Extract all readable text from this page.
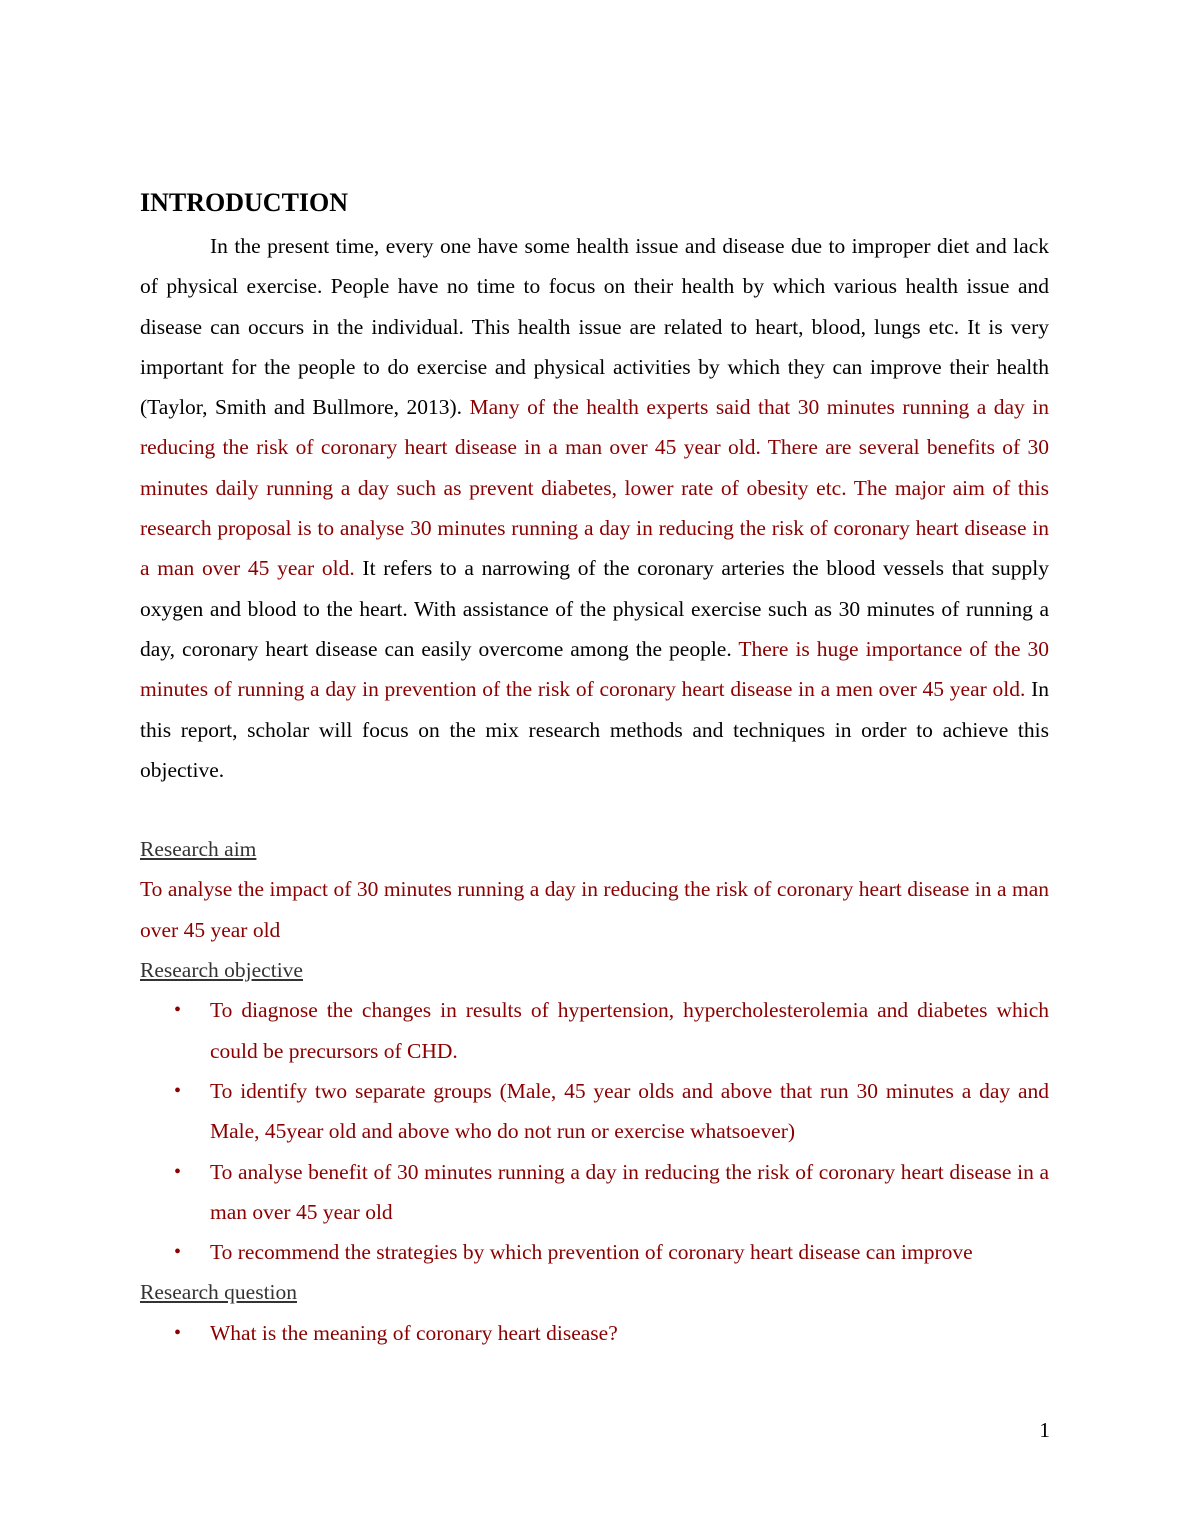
INTRODUCTION

In the present time, every one have some health issue and disease due to improper diet and lack of physical exercise. People have no time to focus on their health by which various health issue and disease can occurs in the individual. This health issue are related to heart, blood, lungs etc. It is very important for the people to do exercise and physical activities by which they can improve their health (Taylor, Smith and Bullmore, 2013). Many of the health experts said that 30 minutes running a day in reducing the risk of coronary heart disease in a man over 45 year old. There are several benefits of 30 minutes daily running a day such as prevent diabetes, lower rate of obesity etc. The major aim of this research proposal is to analyse 30 minutes running a day in reducing the risk of coronary heart disease in a man over 45 year old. It refers to a narrowing of the coronary arteries the blood vessels that supply oxygen and blood to the heart. With assistance of the physical exercise such as 30 minutes of running a day, coronary heart disease can easily overcome among the people. There is huge importance of the 30 minutes of running a day in prevention of the risk of coronary heart disease in a men over 45 year old. In this report, scholar will focus on the mix research methods and techniques in order to achieve this objective.

Research aim

To analyse the impact of 30 minutes running a day in reducing the risk of coronary heart disease in a man over 45 year old

Research objective

• To diagnose the changes in results of hypertension, hypercholesterolemia and diabetes which could be precursors of CHD.
• To identify two separate groups (Male, 45 year olds and above that run 30 minutes a day and Male, 45year old and above who do not run or exercise whatsoever)
• To analyse benefit of 30 minutes running a day in reducing the risk of coronary heart disease in a man over 45 year old
• To recommend the strategies by which prevention of coronary heart disease can improve

Research question

• What is the meaning of coronary heart disease?
1
